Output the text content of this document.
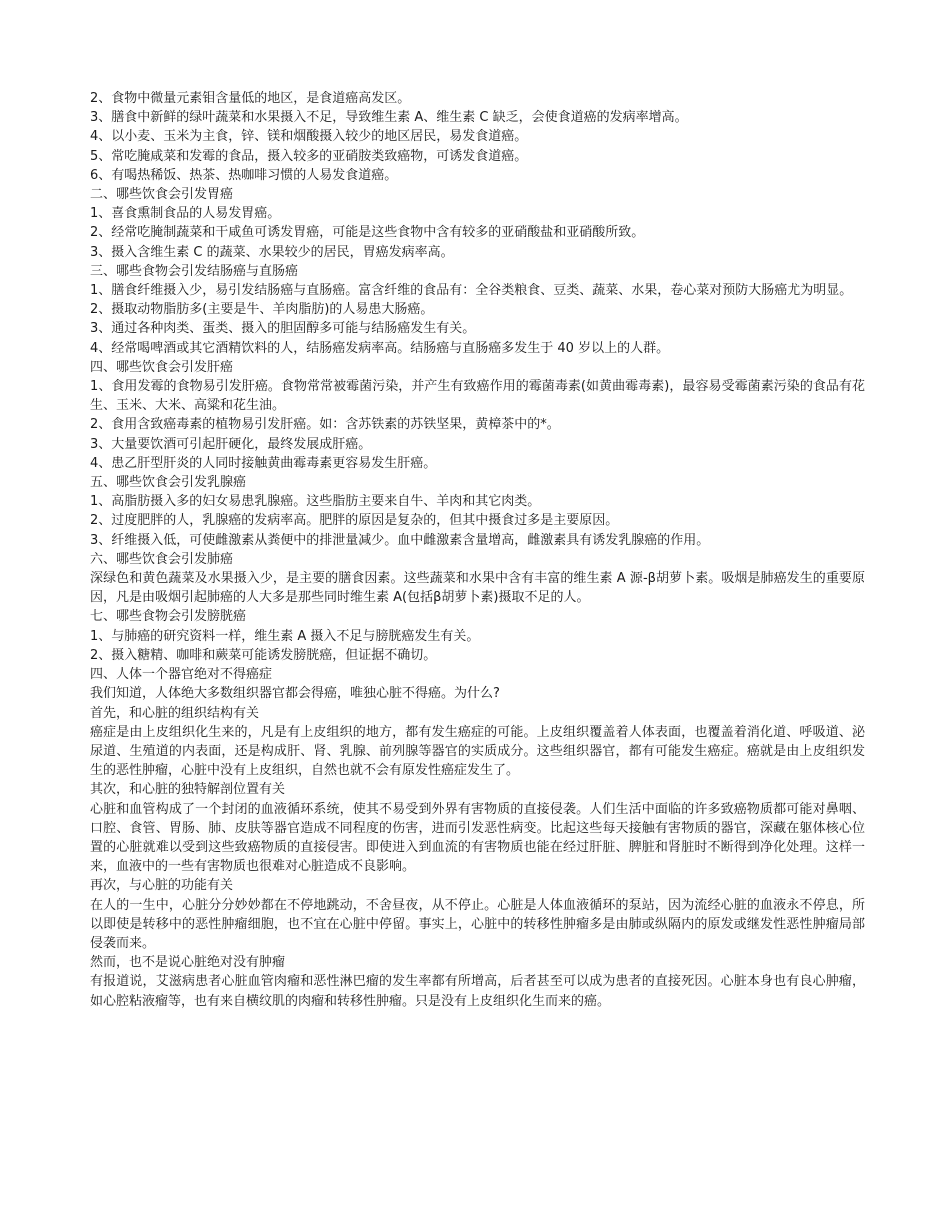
2、食物中微量元素钼含量低的地区，是食道癌高发区。

3、膳食中新鲜的绿叶蔬菜和水果摄入不足，导致维生素 A、维生素 C 缺乏，会使食道癌的发病率增高。

4、以小麦、玉米为主食，锌、镁和烟酸摄入较少的地区居民，易发食道癌。

5、常吃腌咸菜和发霉的食品，摄入较多的亚硝胺类致癌物，可诱发食道癌。

6、有喝热稀饭、热茶、热咖啡习惯的人易发食道癌。

二、哪些饮食会引发胃癌

1、喜食熏制食品的人易发胃癌。

2、经常吃腌制蔬菜和干咸鱼可诱发胃癌，可能是这些食物中含有较多的亚硝酸盐和亚硝酸所致。

3、摄入含维生素 C 的蔬菜、水果较少的居民，胃癌发病率高。

三、哪些食物会引发结肠癌与直肠癌

1、膳食纤维摄入少，易引发结肠癌与直肠癌。富含纤维的食品有：全谷类粮食、豆类、蔬菜、水果，卷心菜对预防大肠癌尤为明显。

2、摄取动物脂肪多(主要是牛、羊肉脂肪)的人易患大肠癌。

3、通过各种肉类、蛋类、摄入的胆固醇多可能与结肠癌发生有关。

4、经常喝啤酒或其它酒精饮料的人，结肠癌发病率高。结肠癌与直肠癌多发生于 40 岁以上的人群。

四、哪些饮食会引发肝癌

1、食用发霉的食物易引发肝癌。食物常常被霉菌污染，并产生有致癌作用的霉菌毒素(如黄曲霉毒素)，最容易受霉菌素污染的食品有花生、玉米、大米、高粱和花生油。

2、食用含致癌毒素的植物易引发肝癌。如：含苏铁素的苏铁坚果，黄樟茶中的*。

3、大量要饮酒可引起肝硬化，最终发展成肝癌。

4、患乙肝型肝炎的人同时接触黄曲霉毒素更容易发生肝癌。

五、哪些饮食会引发乳腺癌

1、高脂肪摄入多的妇女易患乳腺癌。这些脂肪主要来自牛、羊肉和其它肉类。

2、过度肥胖的人，乳腺癌的发病率高。肥胖的原因是复杂的，但其中摄食过多是主要原因。

3、纤维摄入低，可使雌激素从粪便中的排泄量减少。血中雌激素含量增高，雌激素具有诱发乳腺癌的作用。

六、哪些饮食会引发肺癌

深绿色和黄色蔬菜及水果摄入少，是主要的膳食因素。这些蔬菜和水果中含有丰富的维生素 A 源-β胡萝卜素。吸烟是肺癌发生的重要原因，凡是由吸烟引起肺癌的人大多是那些同时维生素 A(包括β胡萝卜素)摄取不足的人。

七、哪些食物会引发膀胱癌

1、与肺癌的研究资料一样，维生素 A 摄入不足与膀胱癌发生有关。

2、摄入糖精、咖啡和蕨菜可能诱发膀胱癌，但证据不确切。

四、人体一个器官绝对不得癌症

我们知道，人体绝大多数组织器官都会得癌，唯独心脏不得癌。为什么?

首先，和心脏的组织结构有关

癌症是由上皮组织化生来的，凡是有上皮组织的地方，都有发生癌症的可能。上皮组织覆盖着人体表面，也覆盖着消化道、呼吸道、泌尿道、生殖道的内表面，还是构成肝、肾、乳腺、前列腺等器官的实质成分。这些组织器官，都有可能发生癌症。癌就是由上皮组织发生的恶性肿瘤，心脏中没有上皮组织，自然也就不会有原发性癌症发生了。

其次，和心脏的独特解剖位置有关

心脏和血管构成了一个封闭的血液循环系统，使其不易受到外界有害物质的直接侵袭。人们生活中面临的许多致癌物质都可能对鼻咽、口腔、食管、胃肠、肺、皮肤等器官造成不同程度的伤害，进而引发恶性病变。比起这些每天接触有害物质的器官，深藏在躯体核心位置的心脏就难以受到这些致癌物质的直接侵害。即使进入到血流的有害物质也能在经过肝脏、脾脏和肾脏时不断得到净化处理。这样一来，血液中的一些有害物质也很难对心脏造成不良影响。

再次，与心脏的功能有关

在人的一生中，心脏分分妙妙都在不停地跳动，不舍昼夜，从不停止。心脏是人体血液循环的泵站，因为流经心脏的血液永不停息，所以即使是转移中的恶性肿瘤细胞，也不宜在心脏中停留。事实上，心脏中的转移性肿瘤多是由肺或纵隔内的原发或继发性恶性肿瘤局部侵袭而来。

然而，也不是说心脏绝对没有肿瘤

有报道说，艾滋病患者心脏血管肉瘤和恶性淋巴瘤的发生率都有所增高，后者甚至可以成为患者的直接死因。心脏本身也有良心肿瘤，如心腔粘液瘤等，也有来自横纹肌的肉瘤和转移性肿瘤。只是没有上皮组织化生而来的癌。
